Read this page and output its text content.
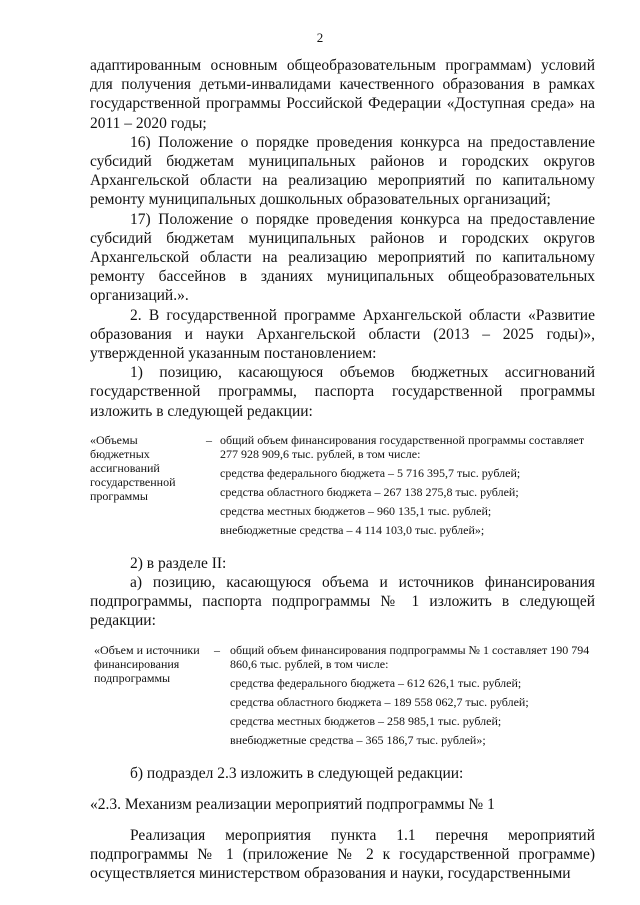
2

адаптированным основным общеобразовательным программам) условий для получения детьми-инвалидами качественного образования в рамках государственной программы Российской Федерации «Доступная среда» на 2011 – 2020 годы;

16) Положение о порядке проведения конкурса на предоставление субсидий бюджетам муниципальных районов и городских округов Архангельской области на реализацию мероприятий по капитальному ремонту муниципальных дошкольных образовательных организаций;

17) Положение о порядке проведения конкурса на предоставление субсидий бюджетам муниципальных районов и городских округов Архангельской области на реализацию мероприятий по капитальному ремонту бассейнов в зданиях муниципальных общеобразовательных организаций.».

2. В государственной программе Архангельской области «Развитие образования и науки Архангельской области (2013 – 2025 годы)», утвержденной указанным постановлением:

1) позицию, касающуюся объемов бюджетных ассигнований государственной программы, паспорта государственной программы изложить в следующей редакции:

«Объемы бюджетных ассигнований государственной программы	–	общий объем финансирования государственной программы составляет 277 928 909,6 тыс. рублей, в том числе:
средства федерального бюджета – 5 716 395,7 тыс. рублей;
средства областного бюджета – 267 138 275,8 тыс. рублей;
средства местных бюджетов – 960 135,1 тыс. рублей;
внебюджетные средства – 4 114 103,0 тыс. рублей»;

2) в разделе II:

а) позицию, касающуюся объема и источников финансирования подпрограммы, паспорта подпрограммы № 1 изложить в следующей редакции:

«Объем и источники финансирования подпрограммы	–	общий объем финансирования подпрограммы № 1 составляет 190 794 860,6 тыс. рублей, в том числе:
средства федерального бюджета – 612 626,1 тыс. рублей;
средства областного бюджета – 189 558 062,7 тыс. рублей;
средства местных бюджетов – 258 985,1 тыс. рублей;
внебюджетные средства – 365 186,7 тыс. рублей»;

б) подраздел 2.3 изложить в следующей редакции:

«2.3. Механизм реализации мероприятий подпрограммы № 1

Реализация мероприятия пункта 1.1 перечня мероприятий подпрограммы № 1 (приложение № 2 к государственной программе) осуществляется министерством образования и науки, государственными
